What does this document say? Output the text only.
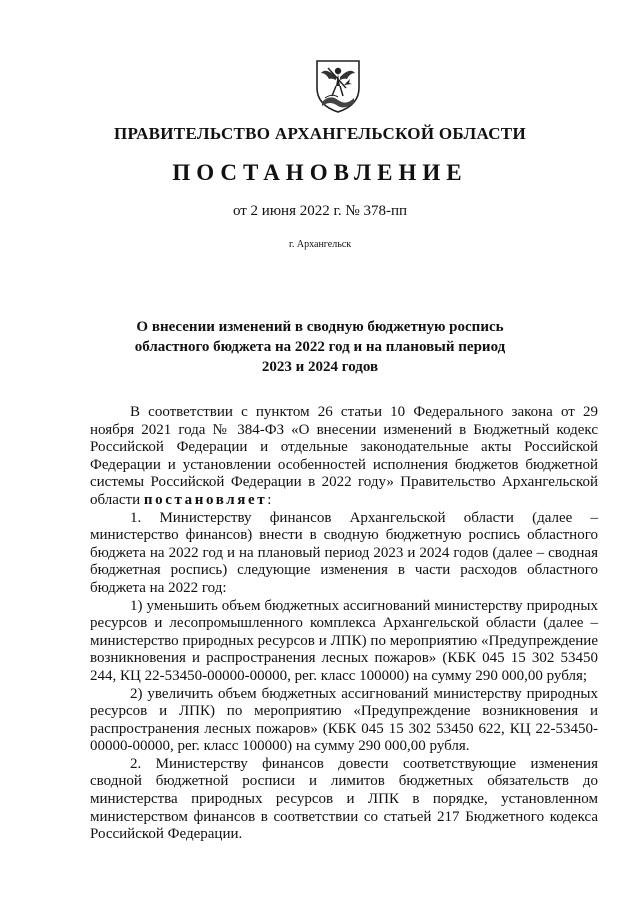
ПРАВИТЕЛЬСТВО АРХАНГЕЛЬСКОЙ ОБЛАСТИ
ПОСТАНОВЛЕНИЕ
от 2 июня 2022 г. № 378-пп
г. Архангельск
О внесении изменений в сводную бюджетную роспись
областного бюджета на 2022 год и на плановый период
2023 и 2024 годов

В соответствии с пунктом 26 статьи 10 Федерального закона от 29 ноября 2021 года № 384-ФЗ «О внесении изменений в Бюджетный кодекс Российской Федерации и отдельные законодательные акты Российской Федерации и установлении особенностей исполнения бюджетов бюджетной системы Российской Федерации в 2022 году» Правительство Архангельской области постановляет:

1. Министерству финансов Архангельской области (далее – министерство финансов) внести в сводную бюджетную роспись областного бюджета на 2022 год и на плановый период 2023 и 2024 годов (далее – сводная бюджетная роспись) следующие изменения в части расходов областного бюджета на 2022 год:

1) уменьшить объем бюджетных ассигнований министерству природных ресурсов и лесопромышленного комплекса Архангельской области (далее – министерство природных ресурсов и ЛПК) по мероприятию «Предупреждение возникновения и распространения лесных пожаров» (КБК 045 15 302 53450 244, КЦ 22-53450-00000-00000, рег. класс 100000) на сумму 290 000,00 рубля;

2) увеличить объем бюджетных ассигнований министерству природных ресурсов и ЛПК) по мероприятию «Предупреждение возникновения и распространения лесных пожаров» (КБК 045 15 302 53450 622, КЦ 22-53450-00000-00000, рег. класс 100000) на сумму 290 000,00 рубля.

2. Министерству финансов довести соответствующие изменения сводной бюджетной росписи и лимитов бюджетных обязательств до министерства природных ресурсов и ЛПК в порядке, установленном министерством финансов в соответствии со статьей 217 Бюджетного кодекса Российской Федерации.
